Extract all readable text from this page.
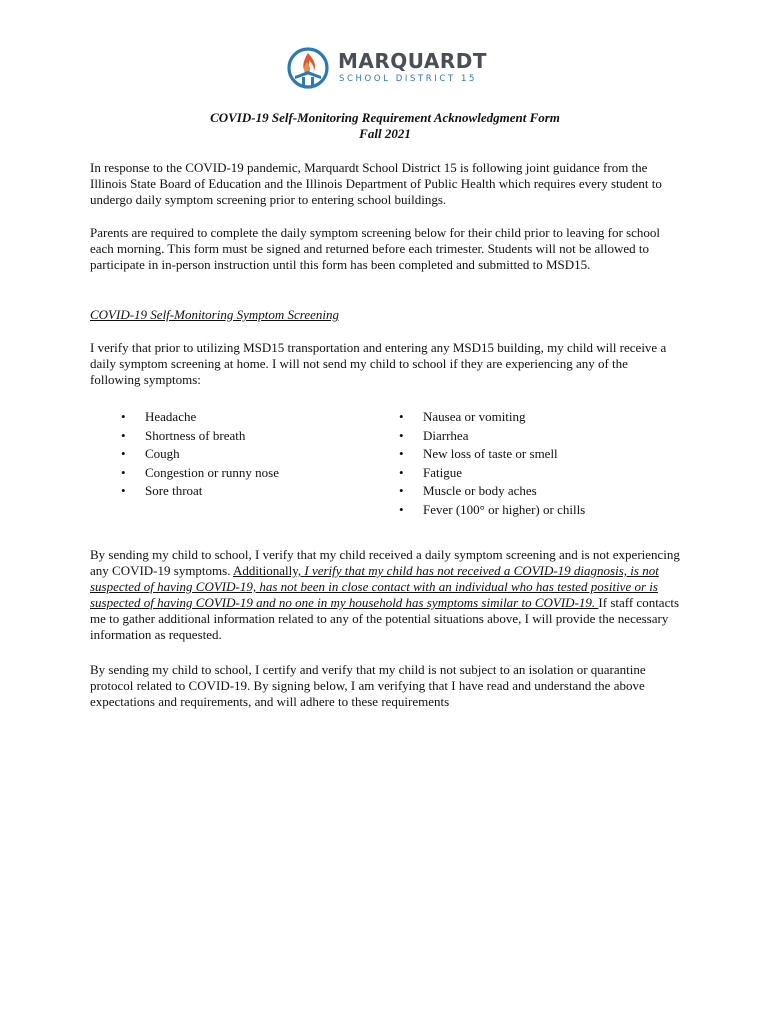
MARQUARDT
SCHOOL DISTRICT 15
COVID-19 Self-Monitoring Requirement Acknowledgment Form
Fall 2021
In response to the COVID-19 pandemic, Marquardt School District 15 is following joint guidance from the Illinois State Board of Education and the Illinois Department of Public Health which requires every student to undergo daily symptom screening prior to entering school buildings.
Parents are required to complete the daily symptom screening below for their child prior to leaving for school each morning. This form must be signed and returned before each trimester. Students will not be allowed to participate in in-person instruction until this form has been completed and submitted to MSD15.
COVID-19 Self-Monitoring Symptom Screening
I verify that prior to utilizing MSD15 transportation and entering any MSD15 building, my child will receive a daily symptom screening at home. I will not send my child to school if they are experiencing any of the following symptoms:
• Headache
• Shortness of breath
• Cough
• Congestion or runny nose
• Sore throat
• Nausea or vomiting
• Diarrhea
• New loss of taste or smell
• Fatigue
• Muscle or body aches
• Fever (100° or higher) or chills
By sending my child to school, I verify that my child received a daily symptom screening and is not experiencing any COVID-19 symptoms. Additionally, I verify that my child has not received a COVID-19 diagnosis, is not suspected of having COVID-19, has not been in close contact with an individual who has tested positive or is suspected of having COVID-19 and no one in my household has symptoms similar to COVID-19. If staff contacts me to gather additional information related to any of the potential situations above, I will provide the necessary information as requested.
By sending my child to school, I certify and verify that my child is not subject to an isolation or quarantine protocol related to COVID-19. By signing below, I am verifying that I have read and understand the above expectations and requirements, and will adhere to these requirements
